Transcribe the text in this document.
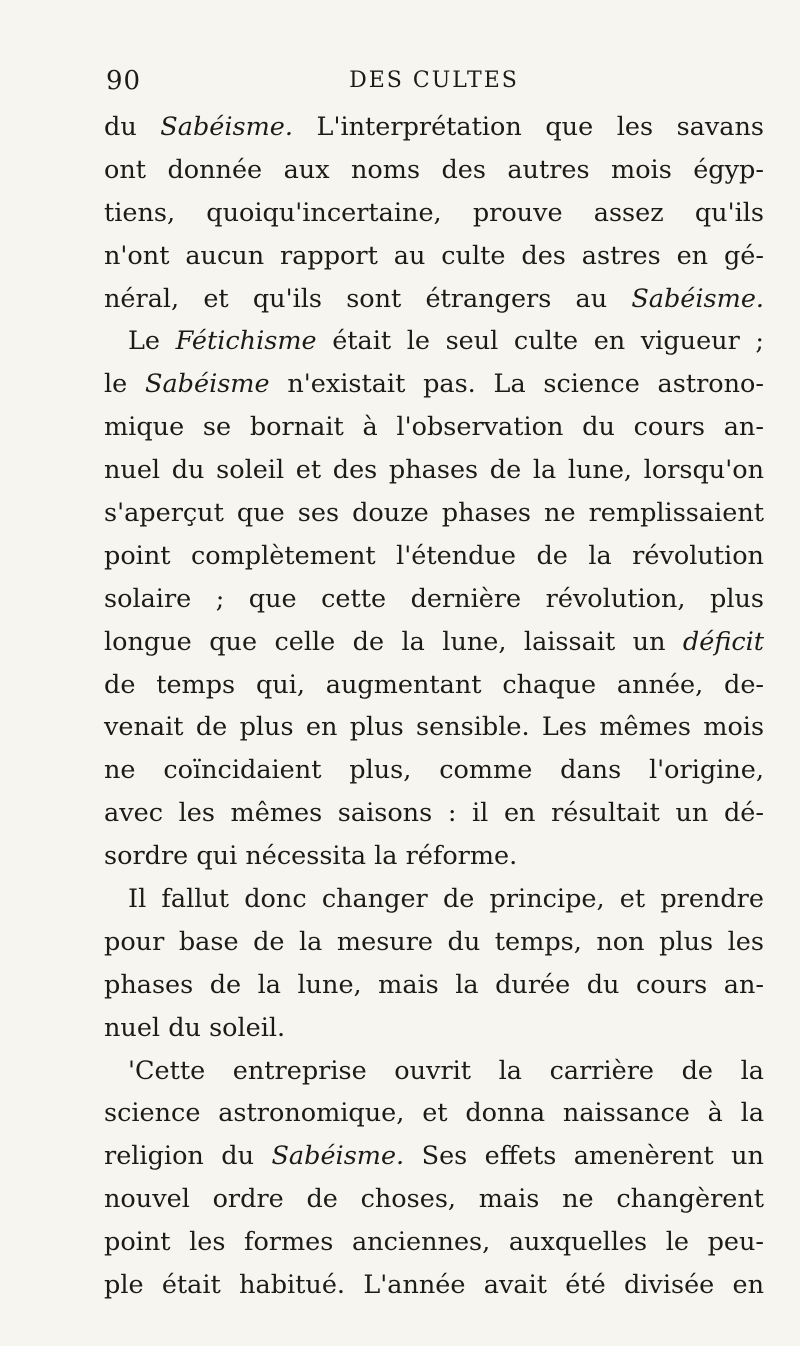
90	DES CULTES
du Sabéisme. L'interprétation que les savans
ont donnée aux noms des autres mois égyp-
tiens, quoiqu'incertaine, prouve assez qu'ils
n'ont aucun rapport au culte des astres en gé-
néral, et qu'ils sont étrangers au Sabéisme.
Le Fétichisme était le seul culte en vigueur ;
le Sabéisme n'existait pas. La science astrono-
mique se bornait à l'observation du cours an-
nuel du soleil et des phases de la lune, lorsqu'on
s'aperçut que ses douze phases ne remplissaient
point complètement l'étendue de la révolution
solaire ; que cette dernière révolution, plus
longue que celle de la lune, laissait un déficit
de temps qui, augmentant chaque année, de-
venait de plus en plus sensible. Les mêmes mois
ne coïncidaient plus, comme dans l'origine,
avec les mêmes saisons : il en résultait un dé-
sordre
qui
nécessita
la
réforme.
Il fallut donc changer de principe, et prendre
pour base de la mesure du temps, non plus les
phases de la lune, mais la durée du cours an-
nuel
du
soleil.
'Cette entreprise ouvrit la carrière de la
science astronomique, et donna naissance à la
religion du Sabéisme. Ses effets amenèrent un
nouvel ordre de choses, mais ne changèrent
point les formes anciennes, auxquelles le peu-
ple était habitué. L'année avait été divisée en
